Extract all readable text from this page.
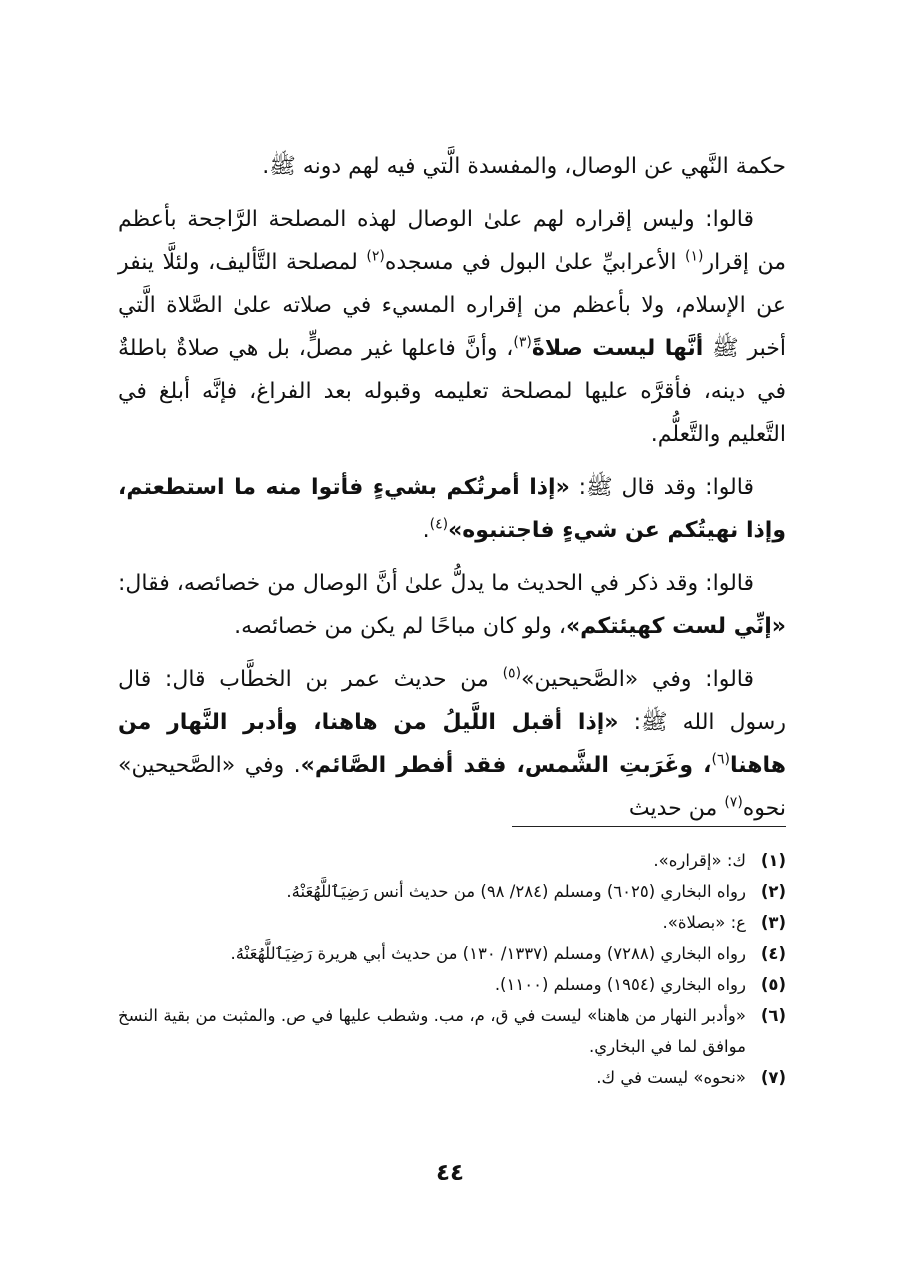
حكمة النَّهي عن الوصال، والمفسدة الَّتي فيه لهم دونه ﷺ.

قالوا: وليس إقراره لهم علىٰ الوصال لهذه المصلحة الرَّاجحة بأعظم من إقرار$^{(١)}$ الأعرابيِّ علىٰ البول في مسجده$^{(٢)}$ لمصلحة التَّأليف، ولئلَّا ينفر عن الإسلام، ولا بأعظم من إقراره المسيء في صلاته علىٰ الصَّلاة الَّتي أخبر ﷺ أنَّها ليست صلاةً$^{(٣)}$، وأنَّ فاعلها غير مصلٍّ، بل هي صلاةٌ باطلةٌ في دينه، فأقرَّه عليها لمصلحة تعليمه وقبوله بعد الفراغ، فإنَّه أبلغ في التَّعليم والتَّعلُّم.

قالوا: وقد قال ﷺ: «إذا أمرتُكم بشيءٍ فأتوا منه ما استطعتم، وإذا نهيتُكم عن شيءٍ فاجتنبوه»$^{(٤)}$.

قالوا: وقد ذكر في الحديث ما يدلُّ علىٰ أنَّ الوصال من خصائصه، فقال: «إنِّي لست كهيئتكم»، ولو كان مباحًا لم يكن من خصائصه.

قالوا: وفي «الصَّحيحين»$^{(٥)}$ من حديث عمر بن الخطَّاب قال: قال رسول الله ﷺ: «إذا أقبل اللَّيلُ من هاهنا، وأدبر النَّهار من هاهنا$^{(٦)}$، وغَرَبتِ الشَّمس، فقد أفطر الصَّائم». وفي «الصَّحيحين» نحوه$^{(٧)}$ من حديث

(١)
ك: «إقراره».
(٢)
رواه البخاري (٦٠٢٥) ومسلم (٢٨٤/ ٩٨) من حديث أنس رَضِيَٱللَّهُعَنْهُ.
(٣)
ع: «بصلاة».
(٤)
رواه البخاري (٧٢٨٨) ومسلم (١٣٣٧/ ١٣٠) من حديث أبي هريرة رَضِيَٱللَّهُعَنْهُ.
(٥)
رواه البخاري (١٩٥٤) ومسلم (١١٠٠).
(٦)
«وأدبر النهار من هاهنا» ليست في ق، م، مب. وشطب عليها في ص. والمثبت من بقية النسخ موافق لما في البخاري.
(٧)
«نحوه» ليست في ك.
٤٤
